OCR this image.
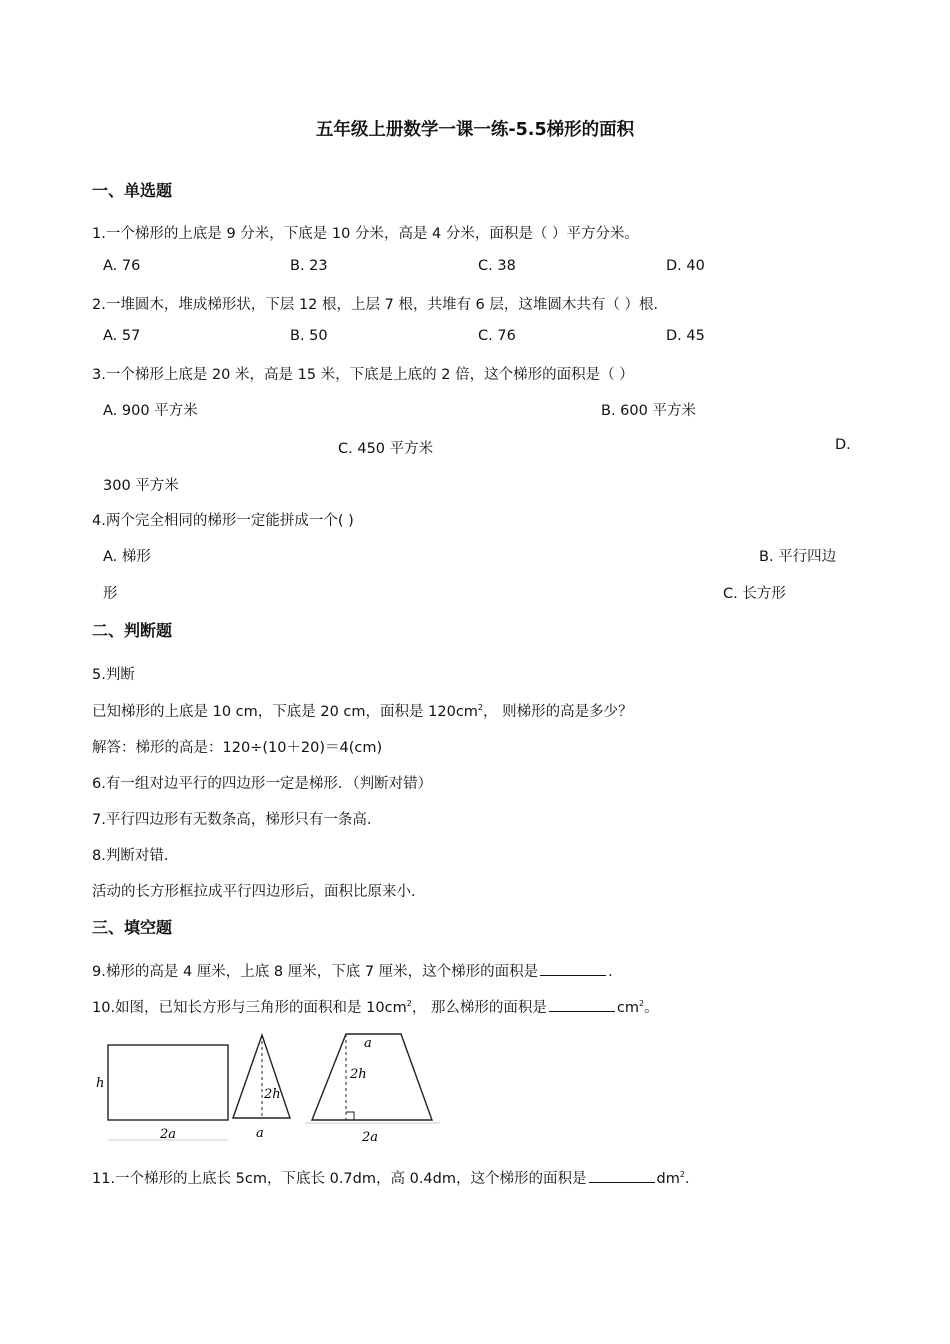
五年级上册数学一课一练-5.5梯形的面积
一、单选题
1.一个梯形的上底是 9 分米，下底是 10 分米，高是 4 分米，面积是（ ）平方分米。
A. 76	B. 23	C. 38	D. 40
2.一堆圆木，堆成梯形状，下层 12 根，上层 7 根，共堆有 6 层，这堆圆木共有（ ）根．
A. 57	B. 50	C. 76	D. 45
3.一个梯形上底是 20 米，高是 15 米，下底是上底的 2 倍，这个梯形的面积是（ ）
A. 900 平方米	B. 600 平方米
C. 450 平方米	D.
300 平方米
4.两个完全相同的梯形一定能拼成一个( )
A. 梯形	B. 平行四边
形	C. 长方形
二、判断题
5.判断
已知梯形的上底是 10 cm，下底是 20 cm，面积是 $120cm^2$， 则梯形的高是多少？
解答：梯形的高是：120÷(10＋20)＝4(cm)
6.有一组对边平行的四边形一定是梯形．（判断对错）
7.平行四边形有无数条高，梯形只有一条高．
8.判断对错．
活动的长方形框拉成平行四边形后，面积比原来小．
三、填空题
9.梯形的高是 4 厘米，上底 8 厘米，下底 7 厘米，这个梯形的面积是	．
10.如图，已知长方形与三角形的面积和是 $10cm^2$， 那么梯形的面积是	$cm^2$。
h
2a
2h
a
a
2h
2a
11.一个梯形的上底长 5cm，下底长 0.7dm，高 0.4dm，这个梯形的面积是	$dm^2$．
